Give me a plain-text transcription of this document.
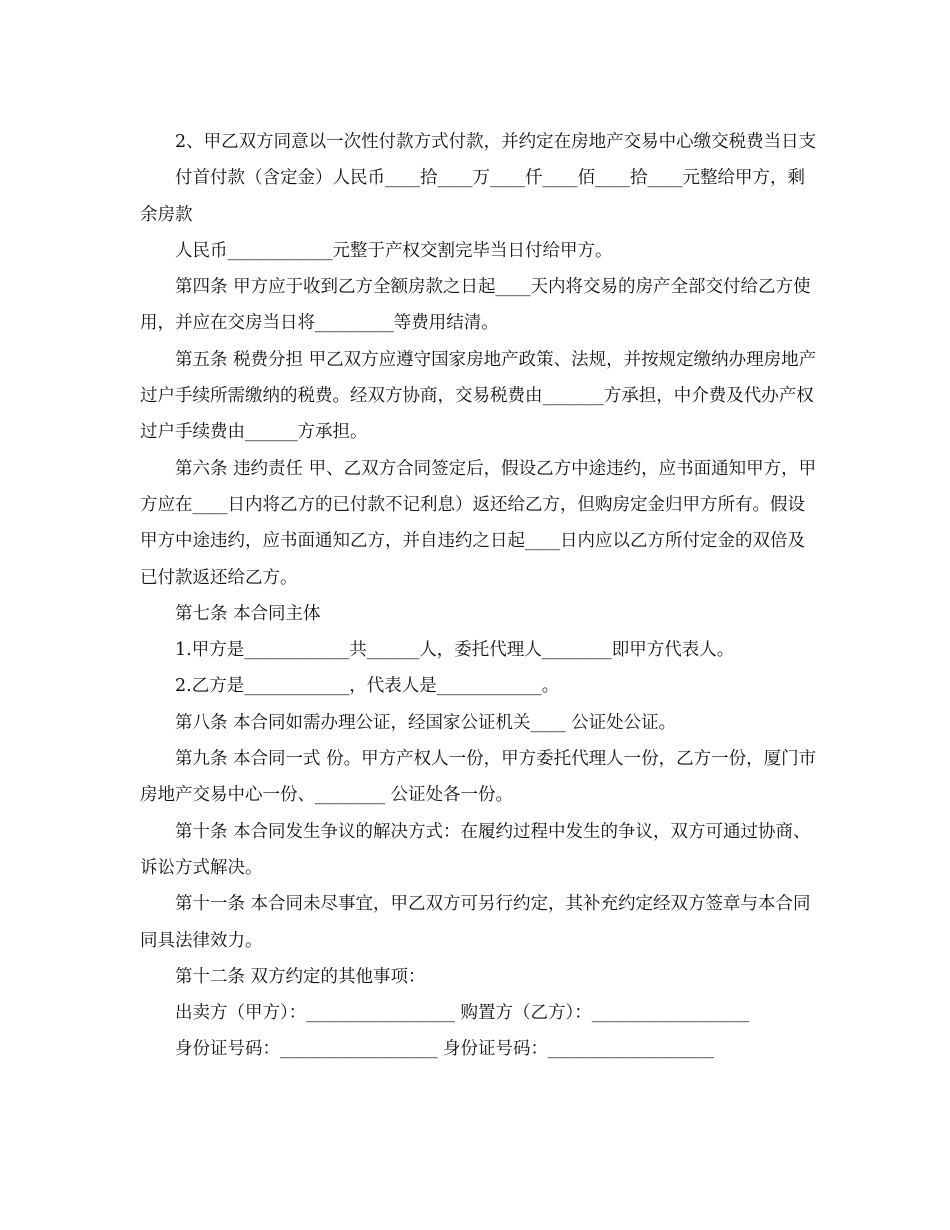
2、甲乙双方同意以一次性付款方式付款，并约定在房地产交易中心缴交税费当日支

付首付款（含定金）人民币____拾____万____仟____佰____拾____元整给甲方，剩余房款

人民币____________元整于产权交割完毕当日付给甲方。

第四条 甲方应于收到乙方全额房款之日起____天内将交易的房产全部交付给乙方使用，并应在交房当日将_________等费用结清。

第五条 税费分担 甲乙双方应遵守国家房地产政策、法规，并按规定缴纳办理房地产过户手续所需缴纳的税费。经双方协商，交易税费由_______方承担，中介费及代办产权过户手续费由______方承担。

第六条 违约责任 甲、乙双方合同签定后，假设乙方中途违约，应书面通知甲方，甲方应在____日内将乙方的已付款不记利息）返还给乙方，但购房定金归甲方所有。假设甲方中途违约，应书面通知乙方，并自违约之日起____日内应以乙方所付定金的双倍及已付款返还给乙方。

第七条 本合同主体

1.甲方是____________共______人，委托代理人________即甲方代表人。

2.乙方是____________，代表人是____________。

第八条 本合同如需办理公证，经国家公证机关____ 公证处公证。

第九条 本合同一式 份。甲方产权人一份，甲方委托代理人一份，乙方一份，厦门市房地产交易中心一份、________ 公证处各一份。

第十条 本合同发生争议的解决方式：在履约过程中发生的争议，双方可通过协商、诉讼方式解决。

第十一条 本合同未尽事宜，甲乙双方可另行约定，其补充约定经双方签章与本合同同具法律效力。

第十二条 双方约定的其他事项：

出卖方（甲方）：_________________ 购置方（乙方）：__________________

身份证号码：__________________ 身份证号码：___________________
